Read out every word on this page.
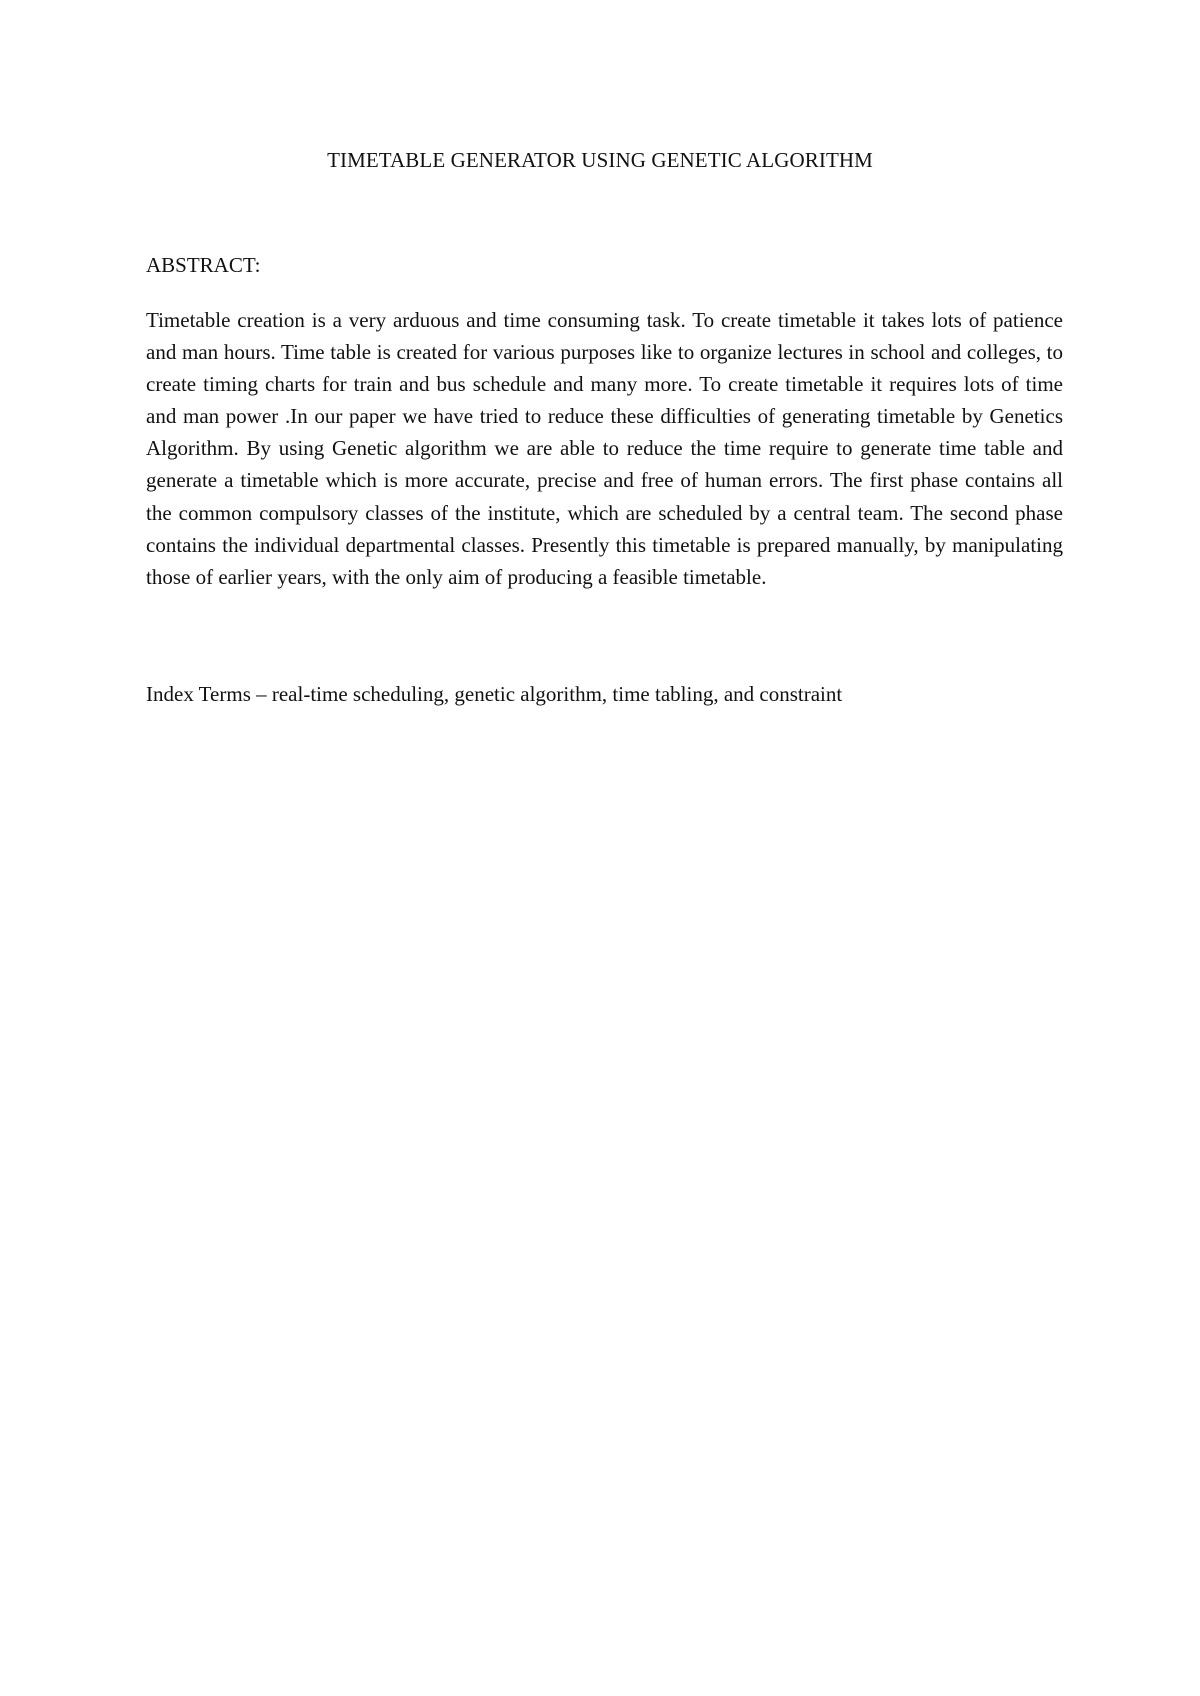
TIMETABLE GENERATOR USING GENETIC ALGORITHM
ABSTRACT:

Timetable creation is a very arduous and time consuming task. To create timetable it takes lots of patience and man hours. Time table is created for various purposes like to organize lectures in school and colleges, to create timing charts for train and bus schedule and many more. To create timetable it requires lots of time and man power .In our paper we have tried to reduce these difficulties of generating timetable by Genetics Algorithm. By using Genetic algorithm we are able to reduce the time require to generate time table and generate a timetable which is more accurate, precise and free of human errors. The first phase contains all the common compulsory classes of the institute, which are scheduled by a central team. The second phase contains the individual departmental classes. Presently this timetable is prepared manually, by manipulating those of earlier years, with the only aim of producing a feasible timetable.

Index Terms – real-time scheduling, genetic algorithm, time tabling, and constraint
